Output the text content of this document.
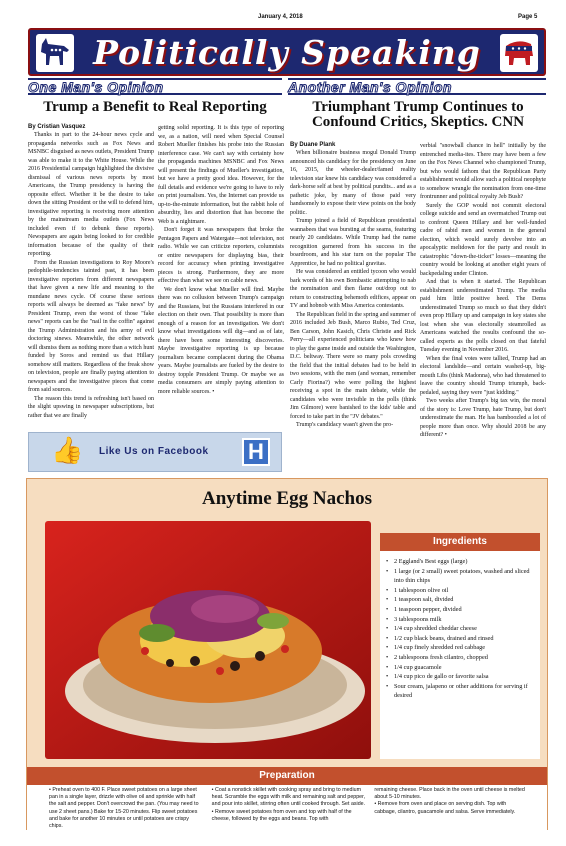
January 4, 2018	Page 5
Politically Speaking
One Man's Opinion	Another Man's Opinion
Trump a Benefit to Real Reporting	Triumphant Trump Continues to Confound Critics, Skeptics. CNN
By Cristian Vasquez

Thanks in part to the 24-hour news cycle and propaganda networks such as Fox News and MSNBC disguised as news outlets, President Trump was able to make it to the White House. While the 2016 Presidential campaign highlighted the divisive dismissal of various news reports by most Americans, the Trump presidency is having the opposite effect. Whether it be the desire to take down the sitting President or the will to defend him, investigative reporting is receiving more attention by the mainstream media outlets (Fox News included even if to debunk these reports). Newspapers are again being looked to for credible information because of the quality of their reporting.

From the Russian investigations to Roy Moore's pedophile-tendencies tainted past, it has been investigative reporters from different newspapers that have given a new life and meaning to the mundane news cycle. Of course these serious reports will always be deemed as "fake news" by President Trump, even the worst of those "fake news" reports can be the "nail in the coffin" against the Trump Administration and his army of evil doctoring sinews. Meanwhile, the other network will dismiss them as nothing more than a witch hunt funded by Soros and remind us that Hillary somehow still matters. Regardless of the freak show on television, people are finally paying attention to newspapers and the investigative pieces that come from said sources.

The reason this trend is refreshing isn't based on the slight upswing in newspaper subscriptions, but rather that we are finally

getting solid reporting. It is this type of reporting we, as a nation, will need when Special Counsel Robert Mueller finishes his probe into the Russian interference case. We can't say with certainty how the propaganda machines MSNBC and Fox News will present the findings of Mueller's investigation, but we have a pretty good idea. However, for the full details and evidence we're going to have to rely on print journalism. Yes, the Internet can provide us up-to-the-minute information, but the rabbit hole of absurdity, lies and distortion that has become the Web is a nightmare.

Don't forget it was newspapers that broke the Pentagon Papers and Watergate—not television, not radio. While we can criticize reporters, columnists or entire newspapers for displaying bias, their record for accuracy when printing investigative pieces is strong. Furthermore, they are more effective than what we see on cable news.

We don't know what Mueller will find. Maybe there was no collusion between Trump's campaign and the Russians, but the Russians interfered in our election on their own. That possibility is more than enough of a reason for an investigation. We don't know what investigations will dig—and as of late, there have been some interesting discoveries. Maybe investigative reporting is up because journalism became complacent during the Obama years. Maybe journalists are fueled by the desire to destroy topple President Trump. Or maybe we as media consumers are simply paying attention to more reliable sources. •

By Duane Plank

When billionaire business mogul Donald Trump announced his candidacy for the presidency on June 16, 2015, the wheeler-dealer/famed reality television star knew his candidacy was considered a dark-horse self at best by political pundits... and as a pathetic joke, by many of those paid very handsomely to expose their view points on the body politic.

Trump joined a field of Republican presidential wannabees that was bursting at the seams, featuring nearly 20 candidates. While Trump had the name recognition garnered from his success in the boardroom, and his star turn on the popular The Apprentice, he had no political gravitas.

He was considered an entitled tycoon who would bark words of his own Bombastic attempting to nab the nomination and then flame out/drop out to return to constructing behemoth edifices, appear on TV and hobnob with Miss America contestants.

The Republican field in the spring and summer of 2016 included Jeb Bush, Marco Rubio, Ted Cruz, Ben Carson, John Kasich, Chris Christie and Rick Perry—all experienced politicians who knew how to play the game inside and outside the Washington, D.C. beltway. There were so many pols crowding the field that the initial debates had to be held in two sessions, with the men (and woman, remember Carly Fiorina?) who were polling the highest receiving a spot in the main debate, while the candidates who were invisible in the polls (think Jim Gilmore) were banished to the kids' table and forced to take part in the "JV debates."

Trump's candidacy wasn't given the pro-

verbial "snowball chance in hell" initially by the entrenched media-ites. There may have been a few on the Fox News Channel who championed Trump, but who would fathom that the Republican Party establishment would allow such a political neophyte to somehow wrangle the nomination from one-time frontrunner and political royalty Jeb Bush?

Surely the GOP would not commit electoral college suicide and send an overmatched Trump out to confront Queen Hillary and her well-funded cadre of rabid men and women in the general election, which would surely devolve into an apocalyptic meltdown for the party and result in catastrophic "down-the-ticket" losses—meaning the country would be looking at another eight years of backpedaling under Clinton.

And that is when it started. The Republican establishment underestimated Trump. The media paid him little positive heed. The Dems underestimated Trump so much so that they didn't even prop Hillary up and campaign in key states she lost when she was electorally steamrolled as Americans watched the results confound the so-called experts as the polls closed on that fateful Tuesday evening in November 2016.

When the final votes were tallied, Trump had an electoral landslide—and certain washed-up, big-mouth Libs (think Madonna), who had threatened to leave the country should Trump triumph, back-pedaled, saying they were "just kidding."

Two weeks after Trump's big tax win, the moral of the story is: Love Trump, hate Trump, but don't underestimate the man. He has bamboozled a lot of people more than once. Why should 2018 be any different? •

👍 Like Us on Facebook H
Anytime Egg Nachos
Ingredients
• 2 Eggland's Best eggs (large)
• 1 large (or 2 small) sweet potatoes, washed and sliced into thin chips
• 1 tablespoon olive oil
• 1 teaspoon salt, divided
• 1 teaspoon pepper, divided
• 3 tablespoons milk
• 1/4 cup shredded cheddar cheese
• 1/2 cup black beans, drained and rinsed
• 1/4 cup finely shredded red cabbage
• 2 tablespoons fresh cilantro, chopped
• 1/4 cup guacamole
• 1/4 cup pico de gallo or favorite salsa
• Sour cream, jalapeno or other additions for serving if desired
Preparation

• Preheat oven to 400 F. Place sweet potatoes on a large sheet pan in a single layer, drizzle with olive oil and sprinkle with half the salt and pepper. Don't overcrowd the pan. (You may need to use 2 sheet pans.) Bake for 15-20 minutes. Flip sweet potatoes and bake for another 10 minutes or until potatoes are crispy chips.

• Coat a nonstick skillet with cooking spray and bring to medium heat. Scramble the eggs with milk and remaining salt and pepper, and pour into skillet, stirring often until cooked through. Set aside.

• Remove sweet potatoes from oven and top with half of the cheese, followed by the eggs and beans. Top with

remaining cheese. Place back in the oven until cheese is melted about 5-10 minutes.

• Remove from oven and place on serving dish. Top with cabbage, cilantro, guacamole and salsa. Serve immediately.
